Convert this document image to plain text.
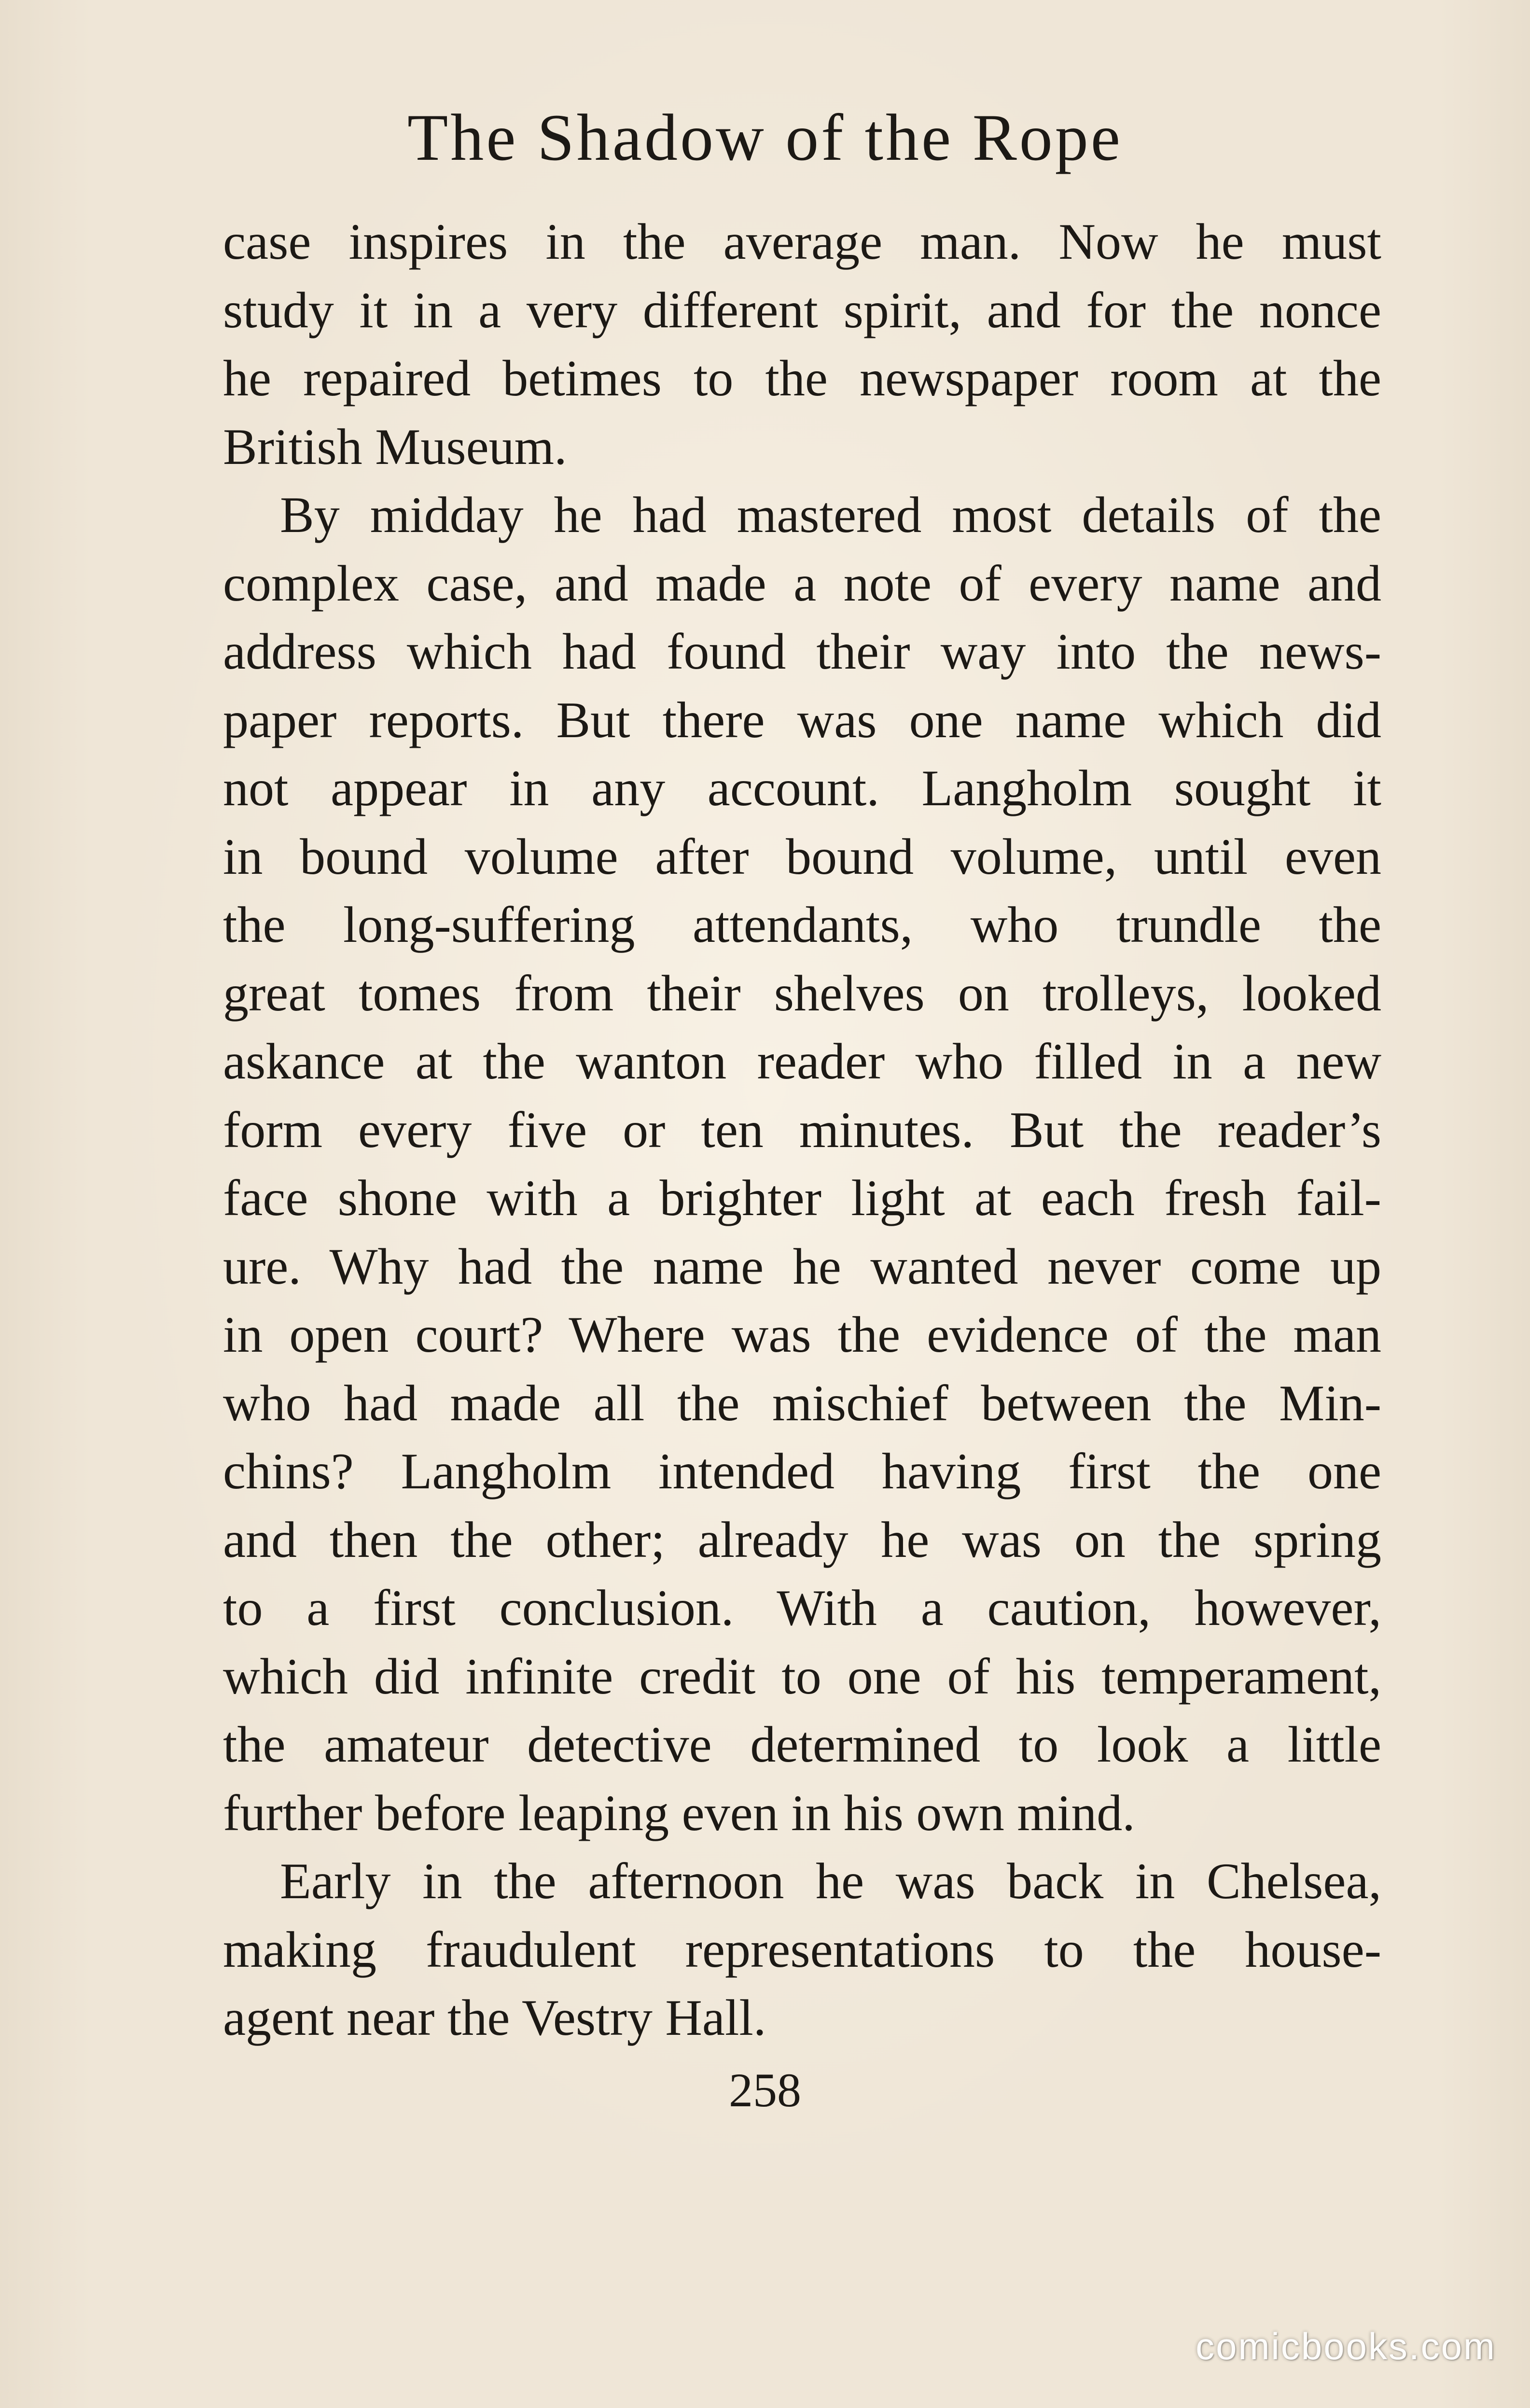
The Shadow of the Rope
case inspires in the average man. Now he must
study it in a very different spirit, and for the nonce
he repaired betimes to the newspaper room at the
British Museum.
By midday he had mastered most details of the
complex case, and made a note of every name and
address which had found their way into the news-
paper reports. But there was one name which did
not appear in any account. Langholm sought it
in bound volume after bound volume, until even
the long-suffering attendants, who trundle the
great tomes from their shelves on trolleys, looked
askance at the wanton reader who filled in a new
form every five or ten minutes. But the reader’s
face shone with a brighter light at each fresh fail-
ure. Why had the name he wanted never come up
in open court? Where was the evidence of the man
who had made all the mischief between the Min-
chins? Langholm intended having first the one
and then the other; already he was on the spring
to a first conclusion. With a caution, however,
which did infinite credit to one of his temperament,
the amateur detective determined to look a little
further before leaping even in his own mind.
Early in the afternoon he was back in Chelsea,
making fraudulent representations to the house-
agent near the Vestry Hall.
258
comicbooks.com
